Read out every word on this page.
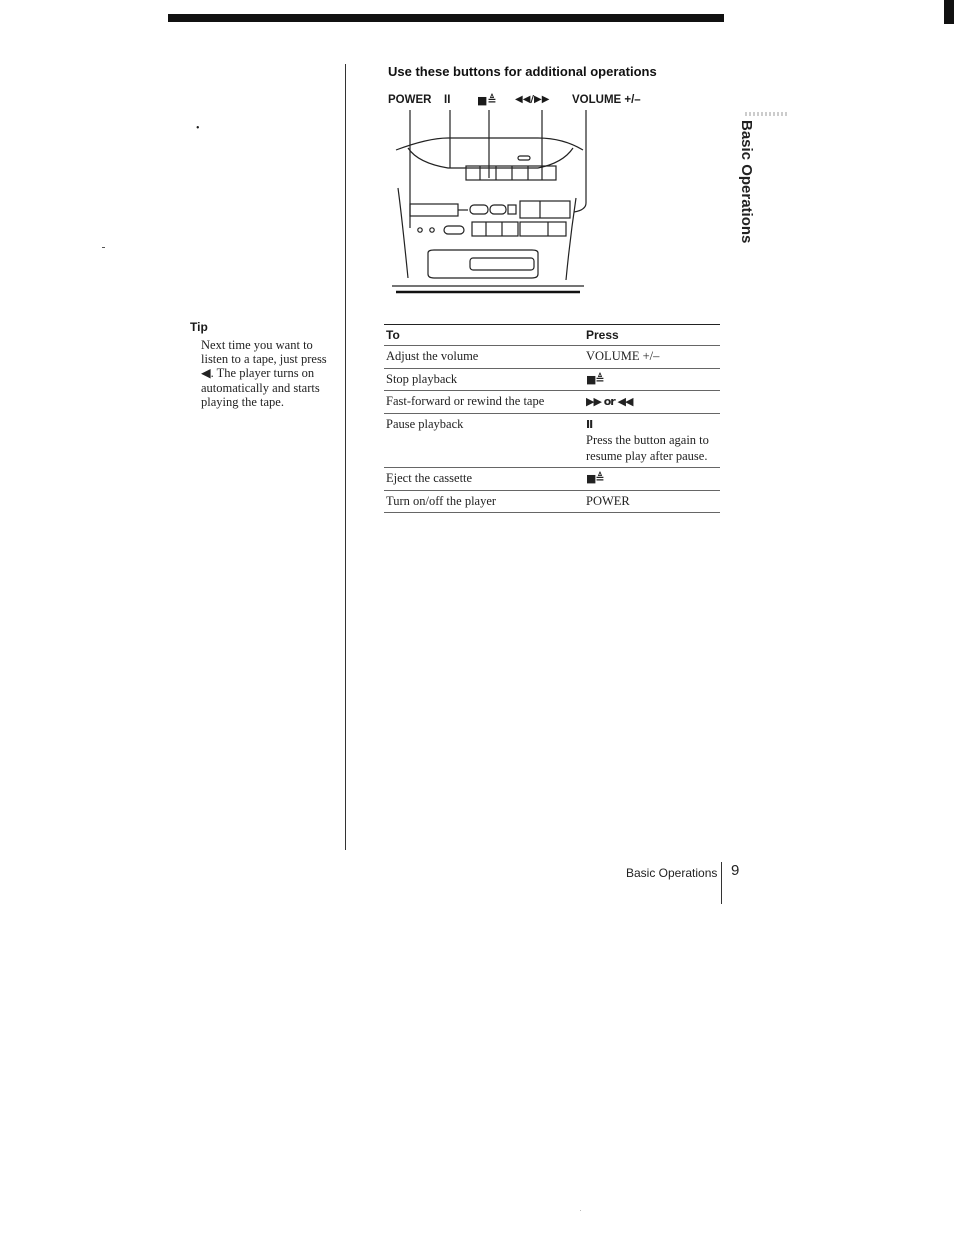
•
Tip
Next time you want to listen to a tape, just press ◀. The player turns on automatically and starts playing the tape.
Use these buttons for additional operations
POWER II ■≜ ◀◀/▶▶ VOLUME +/–
Basic Operations
To	Press
Adjust the volume	VOLUME +/–
Stop playback	■≜
Fast-forward or rewind the tape	▶▶ or ◀◀
Pause playback	II
Press the button again to resume play after pause.

Eject the cassette	■≜
Turn on/off the player	POWER
Basic Operations 9
